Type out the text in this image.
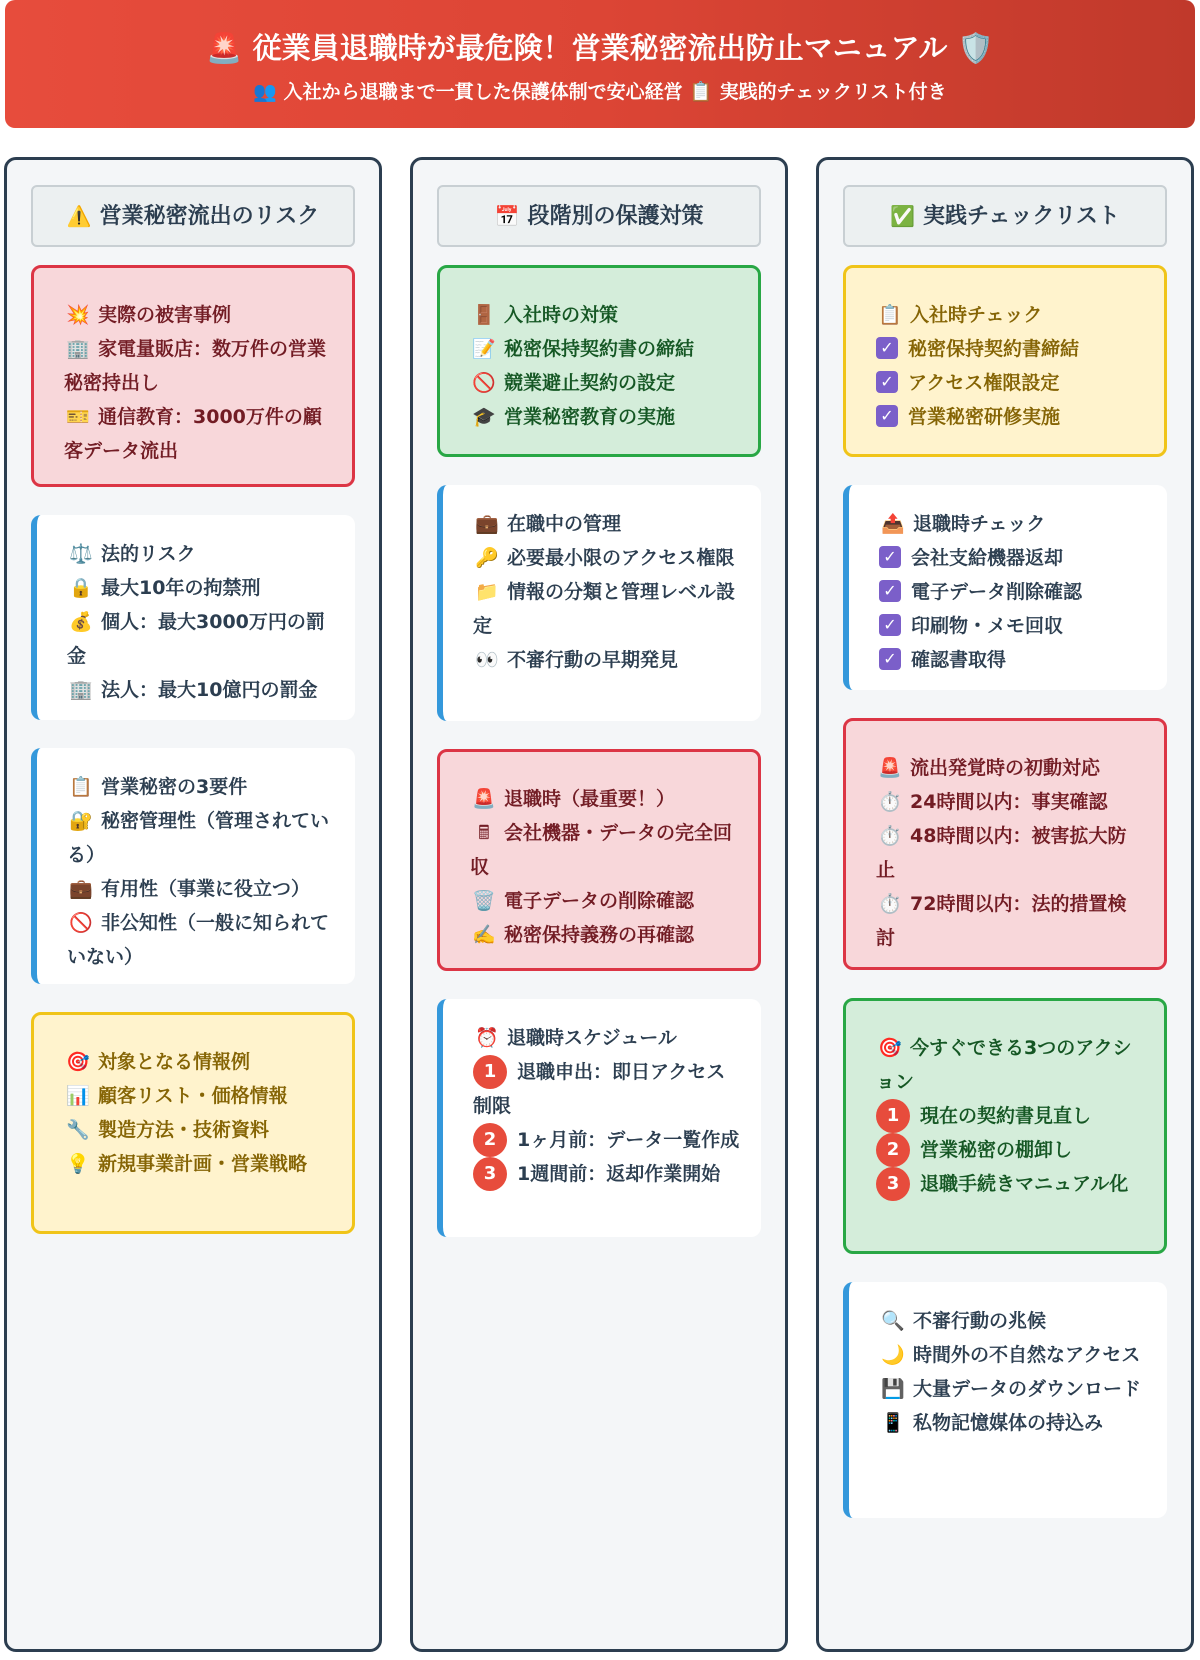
🚨 従業員退職時が最危険！営業秘密流出防止マニュアル 🛡️
👥 入社から退職まで一貫した保護体制で安心経営 📋 実践的チェックリスト付き
⚠️ 営業秘密流出のリスク
💥 実際の被害事例
🏢 家電量販店：数万件の営業秘密持出し
🎫 通信教育：3000万件の顧客データ流出
⚖️ 法的リスク
🔒 最大10年の拘禁刑
💰 個人：最大3000万円の罰金
🏢 法人：最大10億円の罰金
📋 営業秘密の3要件
🔐 秘密管理性（管理されている）
💼 有用性（事業に役立つ）
🚫 非公知性（一般に知られていない）
🎯 対象となる情報例
📊 顧客リスト・価格情報
🔧 製造方法・技術資料
💡 新規事業計画・営業戦略
📅 段階別の保護対策
🚪 入社時の対策
📝 秘密保持契約書の締結
🚫 競業避止契約の設定
🎓 営業秘密教育の実施
💼 在職中の管理
🔑 必要最小限のアクセス権限
📁 情報の分類と管理レベル設定
👀 不審行動の早期発見
🚨 退職時（最重要！）
🖩 会社機器・データの完全回収
🗑️ 電子データの削除確認
✍️ 秘密保持義務の再確認
⏰ 退職時スケジュール
1 退職申出：即日アクセス制限
2 1ヶ月前：データ一覧作成
3 1週間前：返却作業開始
✅ 実践チェックリスト
📋 入社時チェック
✓ 秘密保持契約書締結
✓ アクセス権限設定
✓ 営業秘密研修実施
📤 退職時チェック
✓ 会社支給機器返却
✓ 電子データ削除確認
✓ 印刷物・メモ回収
✓ 確認書取得
🚨 流出発覚時の初動対応
⏱️ 24時間以内：事実確認
⏱️ 48時間以内：被害拡大防止
⏱️ 72時間以内：法的措置検討
🎯 今すぐできる3つのアクション
1 現在の契約書見直し
2 営業秘密の棚卸し
3 退職手続きマニュアル化
🔍 不審行動の兆候
🌙 時間外の不自然なアクセス
💾 大量データのダウンロード
📱 私物記憶媒体の持込み
